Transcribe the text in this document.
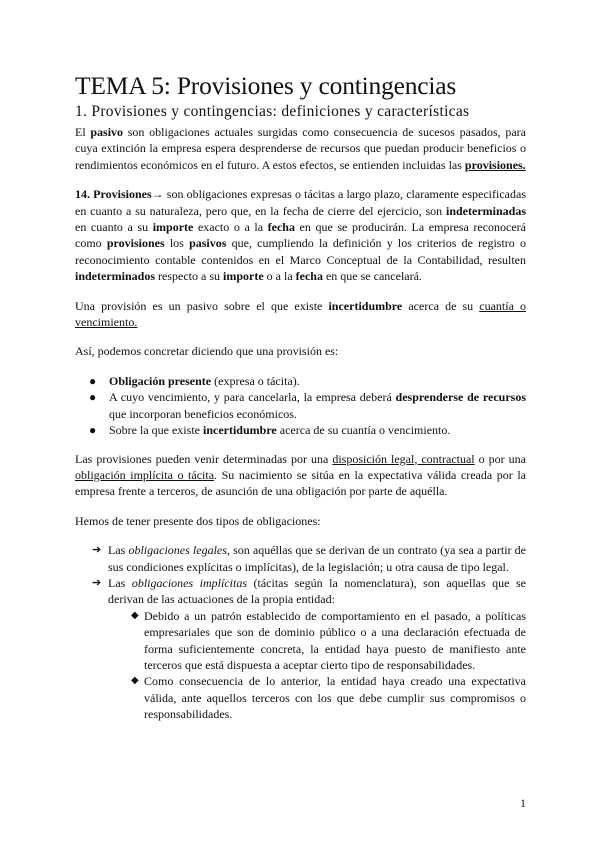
TEMA 5: Provisiones y contingencias
1. Provisiones y contingencias: definiciones y características

El pasivo son obligaciones actuales surgidas como consecuencia de sucesos pasados, para cuya extinción la empresa espera desprenderse de recursos que puedan producir beneficios o rendimientos económicos en el futuro. A estos efectos, se entienden incluidas las provisiones.

14. Provisiones→ son obligaciones expresas o tácitas a largo plazo, claramente especificadas en cuanto a su naturaleza, pero que, en la fecha de cierre del ejercicio, son indeterminadas en cuanto a su importe exacto o a la fecha en que se producirán. La empresa reconocerá como provisiones los pasivos que, cumpliendo la definición y los criterios de registro o reconocimiento contable contenidos en el Marco Conceptual de la Contabilidad, resulten indeterminados respecto a su importe o a la fecha en que se cancelará.

Una provisión es un pasivo sobre el que existe incertidumbre acerca de su cuantía o vencimiento.

Así, podemos concretar diciendo que una provisión es:

● Obligación presente (expresa o tácita).
● A cuyo vencimiento, y para cancelarla, la empresa deberá desprenderse de recursos que incorporan beneficios económicos.
● Sobre la que existe incertidumbre acerca de su cuantía o vencimiento.

Las provisiones pueden venir determinadas por una disposición legal, contractual o por una obligación implícita o tácita. Su nacimiento se sitúa en la expectativa válida creada por la empresa frente a terceros, de asunción de una obligación por parte de aquélla.

Hemos de tener presente dos tipos de obligaciones:

➔ Las obligaciones legales, son aquéllas que se derivan de un contrato (ya sea a partir de sus condiciones explícitas o implícitas), de la legislación; u otra causa de tipo legal.
➔ Las obligaciones implícitas (tácitas según la nomenclatura), son aquellas que se derivan de las actuaciones de la propia entidad:
◆ Debido a un patrón establecido de comportamiento en el pasado, a políticas empresariales que son de dominio público o a una declaración efectuada de forma suficientemente concreta, la entidad haya puesto de manifiesto ante terceros que está dispuesta a aceptar cierto tipo de responsabilidades.
◆ Como consecuencia de lo anterior, la entidad haya creado una expectativa válida, ante aquellos terceros con los que debe cumplir sus compromisos o responsabilidades.
1
